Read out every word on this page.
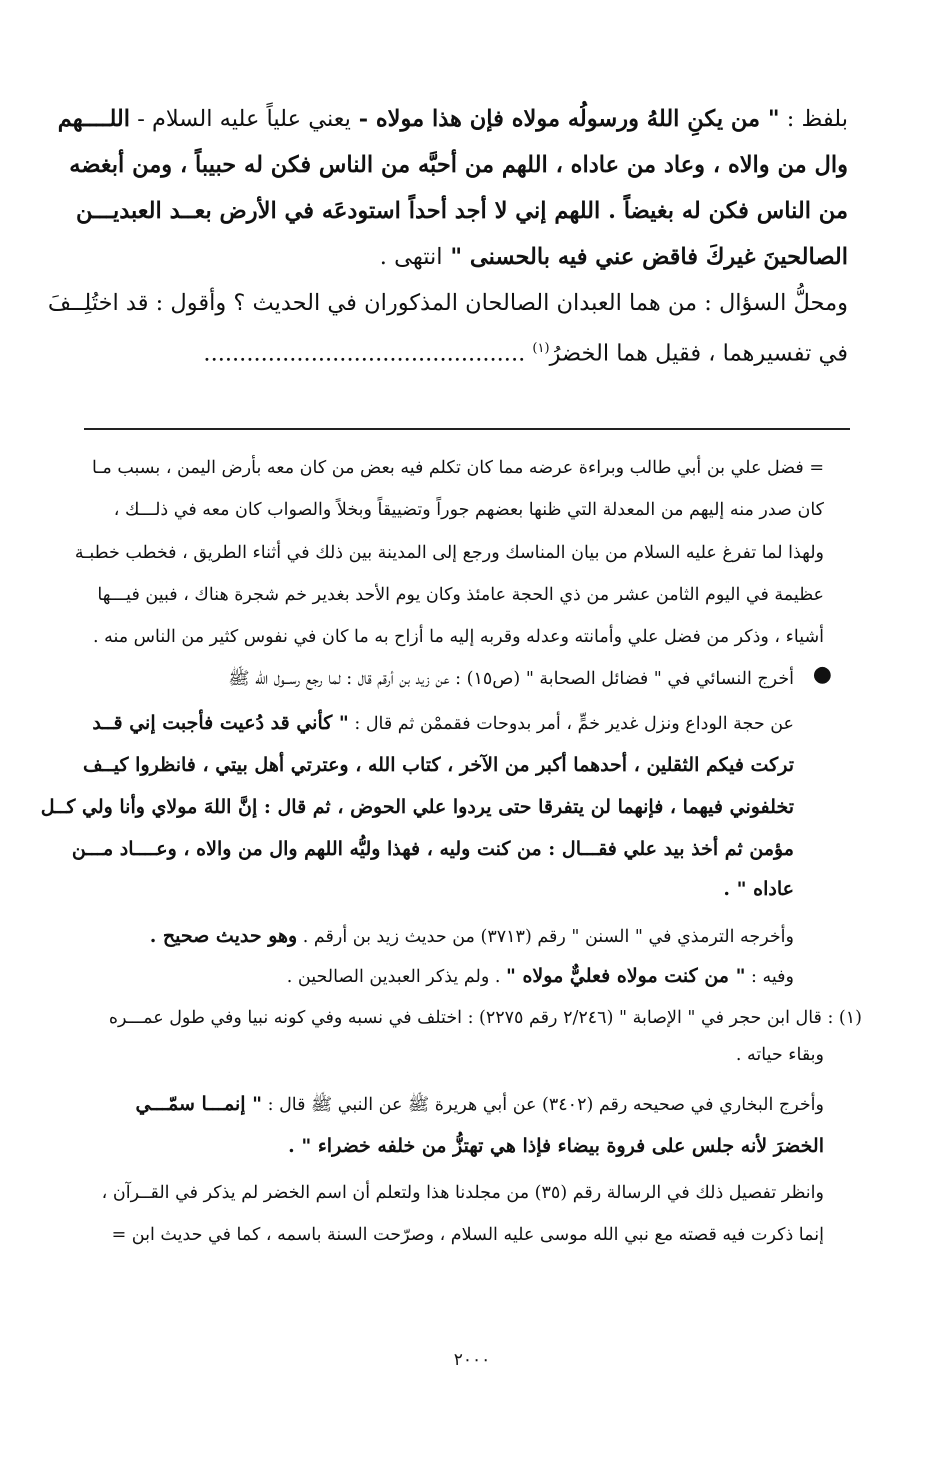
بلفظ : " من يكنِ اللهُ ورسولُه مولاه فإن هذا مولاه - يعني علياً عليه السلام - اللــــهم
وال من والاه ، وعاد من عاداه ، اللهم من أحبَّه من الناس فكن له حبيباً ، ومن أبغضه
من الناس فكن له بغيضاً . اللهم إني لا أجد أحداً استودعَه في الأرض بعــد العبديـــن
الصالحينَ غيركَ فاقض عني فيه بالحسنى " انتهى .
ومحلُّ السؤال : من هما العبدان الصالحان المذكوران في الحديث ؟ وأقول : قد اختُلِــفَ
في تفسيرهما ، فقيل هما الخضرُ$^{(١)}$ .............................................
= فضل علي بن أبي طالب وبراءة عرضه مما كان تكلم فيه بعض من كان معه بأرض اليمن ، بسبب مـا
كان صدر منه إليهم من المعدلة التي ظنها بعضهم جوراً وتضييقاً وبخلاً والصواب كان معه في ذلـــك ،
ولهذا لما تفرغ عليه السلام من بيان المناسك ورجع إلى المدينة بين ذلك في أثناء الطريق ، فخطب خطبـة
عظيمة في اليوم الثامن عشر من ذي الحجة عامئذ وكان يوم الأحد بغدير خم شجرة هناك ، فبين فيـــها
أشياء ، وذكر من فضل علي وأمانته وعدله وقربه إليه ما أزاح به ما كان في نفوس كثير من الناس منه .
●
أخرج النسائي في " فضائل الصحابة " (ص١٥) : عن زيد بن أرقم قال : لما رجع رســول الله ﷺ
عن حجة الوداع ونزل غدير خمٍّ ، أمر بدوحات فقممْن ثم قال : " كأني قد دُعيت فأجبت إني قــد
تركت فيكم الثقلين ، أحدهما أكبر من الآخر ، كتاب الله ، وعترتي أهل بيتي ، فانظروا كيــف
تخلفوني فيهما ، فإنهما لن يتفرقا حتى يردوا علي الحوض ، ثم قال : إنَّ اللهَ مولاي وأنا ولي كــل
مؤمن ثم أخذ بيد علي فقـــال : من كنت وليه ، فهذا وليُّه اللهم وال من والاه ، وعــــاد مـــن
عاداه " .
وأخرجه الترمذي في " السنن " رقم (٣٧١٣) من حديث زيد بن أرقم . وهو حديث صحيح .
وفيه : " من كنت مولاه فعليٌّ مولاه " . ولم يذكر العبدين الصالحين .
(١) : قال ابن حجر في " الإصابة " (٢/٢٤٦ رقم ٢٢٧٥) : اختلف في نسبه وفي كونه نبيا وفي طول عمـــره
وبقاء حياته .
وأخرج البخاري في صحيحه رقم (٣٤٠٢) عن أبي هريرة ﷺ عن النبي ﷺ قال : " إنمـــا سمّـــي
الخضرَ لأنه جلس على فروة بيضاء فإذا هي تهتزُّ من خلفه خضراء " .
وانظر تفصيل ذلك في الرسالة رقم (٣٥) من مجلدنا هذا ولتعلم أن اسم الخضر لم يذكر في القــرآن ،
إنما ذكرت فيه قصته مع نبي الله موسى عليه السلام ، وصرّحت السنة باسمه ، كما في حديث ابن =
٢٠٠٠
